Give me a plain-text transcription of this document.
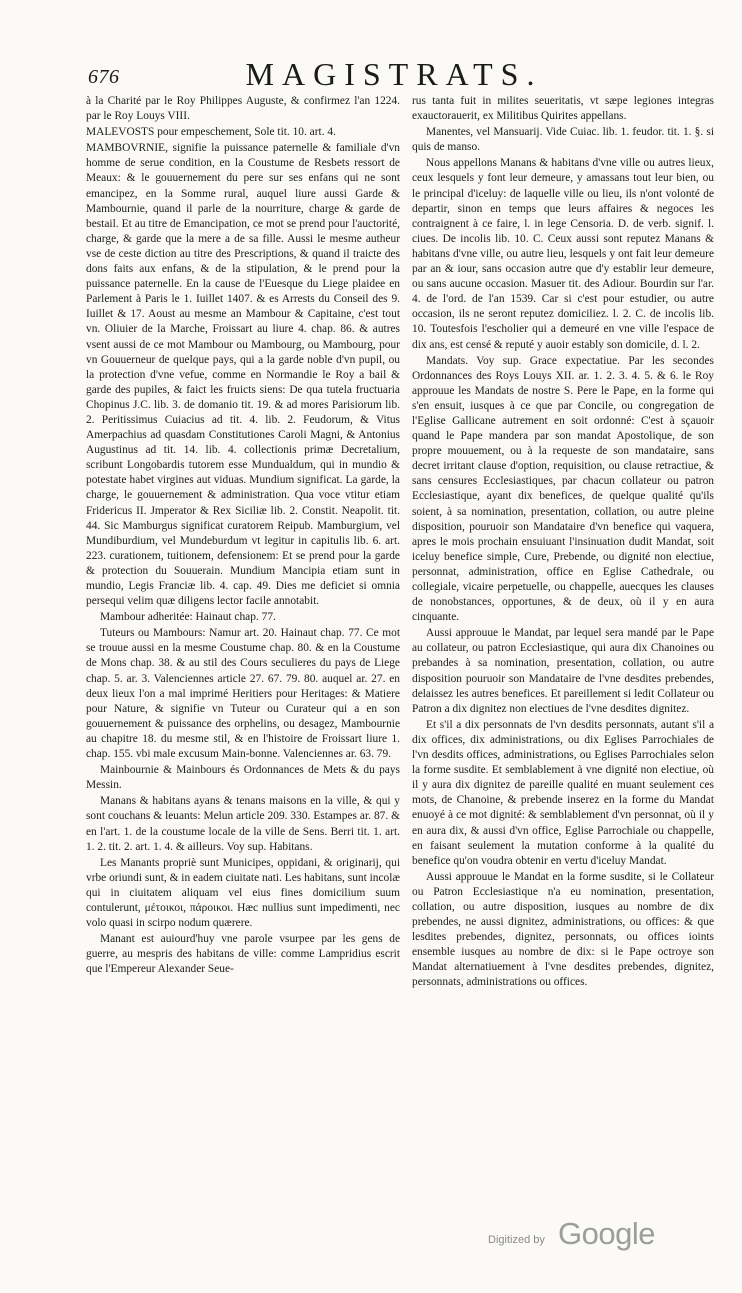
676	MAGISTRATS.

à la Charité par le Roy Philippes Auguste, & confirmez l'an 1224. par le Roy Louys VIII.

MALEVOSTS pour empeschement, Sole tit. 10. art. 4.

MAMBOVRNIE, signifie la puissance paternelle & familiale d'vn homme de serue condition, en la Coustume de Resbets ressort de Meaux: & le gouuernement du pere sur ses enfans qui ne sont emancipez, en la Somme rural, auquel liure aussi Garde & Mambournie, quand il parle de la nourriture, charge & garde de bestail. Et au titre de Emancipation, ce mot se prend pour l'auctorité, charge, & garde que la mere a de sa fille. Aussi le mesme autheur vse de ceste diction au titre des Prescriptions, & quand il traicte des dons faits aux enfans, & de la stipulation, & le prend pour la puissance paternelle. En la cause de l'Euesque du Liege plaidee en Parlement à Paris le 1. Iuillet 1407. & es Arrests du Conseil des 9. Iuillet & 17. Aoust au mesme an Mambour & Capitaine, c'est tout vn. Oliuier de la Marche, Froissart au liure 4. chap. 86. & autres vsent aussi de ce mot Mambour ou Mambourg, ou Mambourg, pour vn Gouuerneur de quelque pays, qui a la garde noble d'vn pupil, ou la protection d'vne vefue, comme en Normandie le Roy a bail & garde des pupiles, & faict les fruicts siens: De qua tutela fructuaria Chopinus J.C. lib. 3. de domanio tit. 19. & ad mores Parisiorum lib. 2. Peritissimus Cuiacius ad tit. 4. lib. 2. Feudorum, & Vitus Amerpachius ad quasdam Constitutiones Caroli Magni, & Antonius Augustinus ad tit. 14. lib. 4. collectionis primæ Decretalium, scribunt Longobardis tutorem esse Mundualdum, qui in mundio & potestate habet virgines aut viduas. Mundium significat. La garde, la charge, le gouuernement & administration. Qua voce vtitur etiam Fridericus II. Jmperator & Rex Siciliæ lib. 2. Constit. Neapolit. tit. 44. Sic Mamburgus significat curatorem Reipub. Mamburgium, vel Mundiburdium, vel Mundeburdum vt legitur in capitulis lib. 6. art. 223. curationem, tuitionem, defensionem: Et se prend pour la garde & protection du Souuerain. Mundium Mancipia etiam sunt in mundio, Legis Franciæ lib. 4. cap. 49. Dies me deficiet si omnia persequi velim quæ diligens lector facile annotabit.

Mambour adheritée: Hainaut chap. 77.

Tuteurs ou Mambours: Namur art. 20. Hainaut chap. 77. Ce mot se trouue aussi en la mesme Coustume chap. 80. & en la Coustume de Mons chap. 38. & au stil des Cours seculieres du pays de Liege chap. 5. ar. 3. Valenciennes article 27. 67. 79. 80. auquel ar. 27. en deux lieux l'on a mal imprimé Heritiers pour Heritages: & Matiere pour Nature, & signifie vn Tuteur ou Curateur qui a en son gouuernement & puissance des orphelins, ou desagez, Mambournie au chapitre 18. du mesme stil, & en l'histoire de Froissart liure 1. chap. 155. vbi male excusum Main-bonne. Valenciennes ar. 63. 79.

Mainbournie & Mainbours és Ordonnances de Mets & du pays Messin.

Manans & habitans ayans & tenans maisons en la ville, & qui y sont couchans & leuants: Melun article 209. 330. Estampes ar. 87. & en l'art. 1. de la coustume locale de la ville de Sens. Berri tit. 1. art. 1. 2. tit. 2. art. 1. 4. & ailleurs. Voy sup. Habitans.

Les Manants propriè sunt Municipes, oppidani, & originarij, qui vrbe oriundi sunt, & in eadem ciuitate nati. Les habitans, sunt incolæ qui in ciuitatem aliquam vel eius fines domicilium suum contulerunt, μέτοικοι, πάροικοι. Hæc nullius sunt impedimenti, nec volo quasi in scirpo nodum quærere.

Manant est auiourd'huy vne parole vsurpee par les gens de guerre, au mespris des habitans de ville: comme Lampridius escrit que l'Empereur Alexander Seue-

rus tanta fuit in milites seueritatis, vt sæpe legiones integras exauctorauerit, ex Militibus Quirites appellans.

Manentes, vel Mansuarij. Vide Cuiac. lib. 1. feudor. tit. 1. §. si quis de manso.

Nous appellons Manans & habitans d'vne ville ou autres lieux, ceux lesquels y font leur demeure, y amassans tout leur bien, ou le principal d'iceluy: de laquelle ville ou lieu, ils n'ont volonté de departir, sinon en temps que leurs affaires & negoces les contraignent à ce faire, l. in lege Censoria. D. de verb. signif. l. ciues. De incolis lib. 10. C. Ceux aussi sont reputez Manans & habitans d'vne ville, ou autre lieu, lesquels y ont fait leur demeure par an & iour, sans occasion autre que d'y establir leur demeure, ou sans aucune occasion. Masuer tit. des Adiour. Bourdin sur l'ar. 4. de l'ord. de l'an 1539. Car si c'est pour estudier, ou autre occasion, ils ne seront reputez domiciliez. l. 2. C. de incolis lib. 10. Toutesfois l'escholier qui a demeuré en vne ville l'espace de dix ans, est censé & reputé y auoir estably son domicile, d. l. 2.

Mandats. Voy sup. Grace expectatiue. Par les secondes Ordonnances des Roys Louys XII. ar. 1. 2. 3. 4. 5. & 6. le Roy approuue les Mandats de nostre S. Pere le Pape, en la forme qui s'en ensuit, iusques à ce que par Concile, ou congregation de l'Eglise Gallicane autrement en soit ordonné: C'est à sçauoir quand le Pape mandera par son mandat Apostolique, de son propre mouuement, ou à la requeste de son mandataire, sans decret irritant clause d'option, requisition, ou clause retractiue, & sans censures Ecclesiastiques, par chacun collateur ou patron Ecclesiastique, ayant dix benefices, de quelque qualité qu'ils soient, à sa nomination, presentation, collation, ou autre pleine disposition, pouruoir son Mandataire d'vn benefice qui vaquera, apres le mois prochain ensuiuant l'insinuation dudit Mandat, soit iceluy benefice simple, Cure, Prebende, ou dignité non electiue, personnat, administration, office en Eglise Cathedrale, ou collegiale, vicaire perpetuelle, ou chappelle, auecques les clauses de nonobstances, opportunes, & de deux, où il y en aura cinquante.

Aussi approuue le Mandat, par lequel sera mandé par le Pape au collateur, ou patron Ecclesiastique, qui aura dix Chanoines ou prebandes à sa nomination, presentation, collation, ou autre disposition pouruoir son Mandataire de l'vne desdites prebendes, delaissez les autres benefices. Et pareillement si ledit Collateur ou Patron a dix dignitez non electiues de l'vne desdites dignitez.

Et s'il a dix personnats de l'vn desdits personnats, autant s'il a dix offices, dix administrations, ou dix Eglises Parrochiales de l'vn desdits offices, administrations, ou Eglises Parrochiales selon la forme susdite. Et semblablement à vne dignité non electiue, où il y aura dix dignitez de pareille qualité en muant seulement ces mots, de Chanoine, & prebende inserez en la forme du Mandat enuoyé à ce mot dignité: & semblablement d'vn personnat, où il y en aura dix, & aussi d'vn office, Eglise Parrochiale ou chappelle, en faisant seulement la mutation conforme à la qualité du benefice qu'on voudra obtenir en vertu d'iceluy Mandat.

Aussi approuue le Mandat en la forme susdite, si le Collateur ou Patron Ecclesiastique n'a eu nomination, presentation, collation, ou autre disposition, iusques au nombre de dix prebendes, ne aussi dignitez, administrations, ou offices: & que lesdites prebendes, dignitez, personnats, ou offices ioints ensemble iusques au nombre de dix: si le Pape octroye son Mandat alternatiuement à l'vne desdites prebendes, dignitez, personnats, administrations ou offices.

Digitized by Google
